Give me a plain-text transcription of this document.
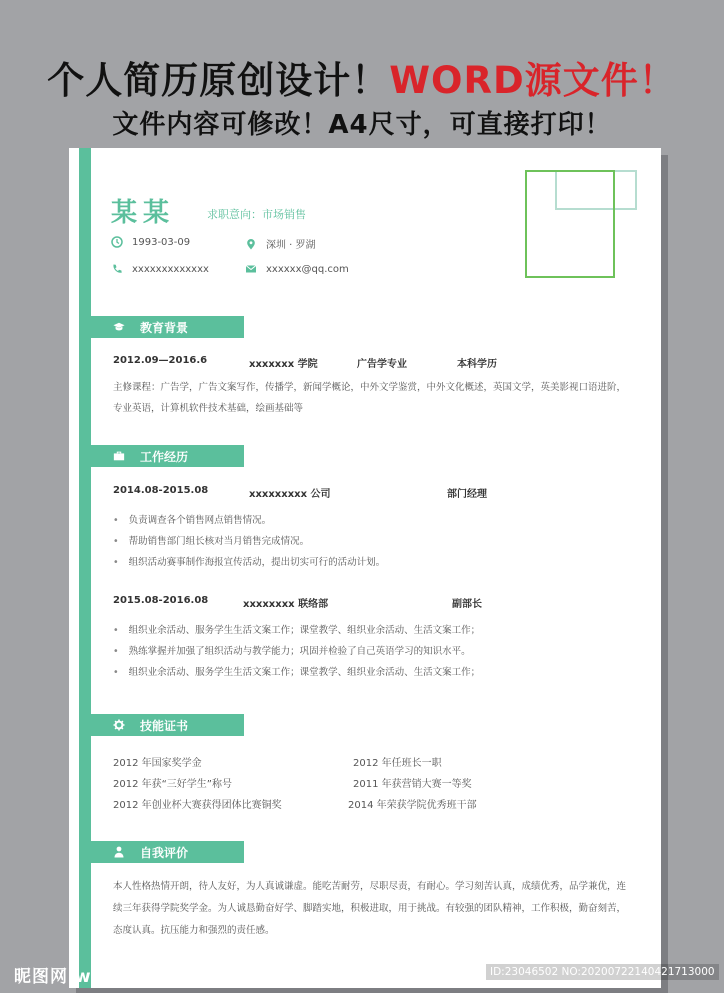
个人简历原创设计！WORD源文件！
文件内容可修改！A4尺寸，可直接打印！
某某	求职意向：市场销售
1993-03-09	深圳 · 罗湖
xxxxxxxxxxxxx	xxxxxx@qq.com
教育背景
2012.09—2016.6	xxxxxxx 学院	广告学专业	本科学历
主修课程：广告学，广告文案写作，传播学，新闻学概论，中外文学鉴赏，中外文化概述，英国文学，英美影视口语进阶，专业英语，计算机软件技术基础，绘画基础等
工作经历
2014.08-2015.08	xxxxxxxxx 公司	部门经理
• 负责调查各个销售网点销售情况。
• 帮助销售部门组长核对当月销售完成情况。
• 组织活动赛事制作海报宣传活动，提出切实可行的活动计划。
2015.08-2016.08	xxxxxxxx 联络部	副部长
• 组织业余活动、服务学生生活文案工作；课堂教学、组织业余活动、生活文案工作；
• 熟练掌握并加强了组织活动与教学能力；巩固并检验了自己英语学习的知识水平。
• 组织业余活动、服务学生生活文案工作；课堂教学、组织业余活动、生活文案工作；
技能证书
2012 年国家奖学金	2012 年任班长一职
2012 年获“三好学生”称号	2011 年获营销大赛一等奖
2012 年创业杯大赛获得团体比赛铜奖	2014 年荣获学院优秀班干部
自我评价
本人性格热情开朗，待人友好，为人真诚谦虚。能吃苦耐劳，尽职尽责，有耐心。学习刻苦认真，成绩优秀，品学兼优，连续三年获得学院奖学金。为人诚恳勤奋好学、脚踏实地，积极进取，用于挑战。有较强的团队精神，工作积极，勤奋刻苦，态度认真。抗压能力和强烈的责任感。
昵图网 www.nipic.com	ID:23046502 NO:20200722140421713000
